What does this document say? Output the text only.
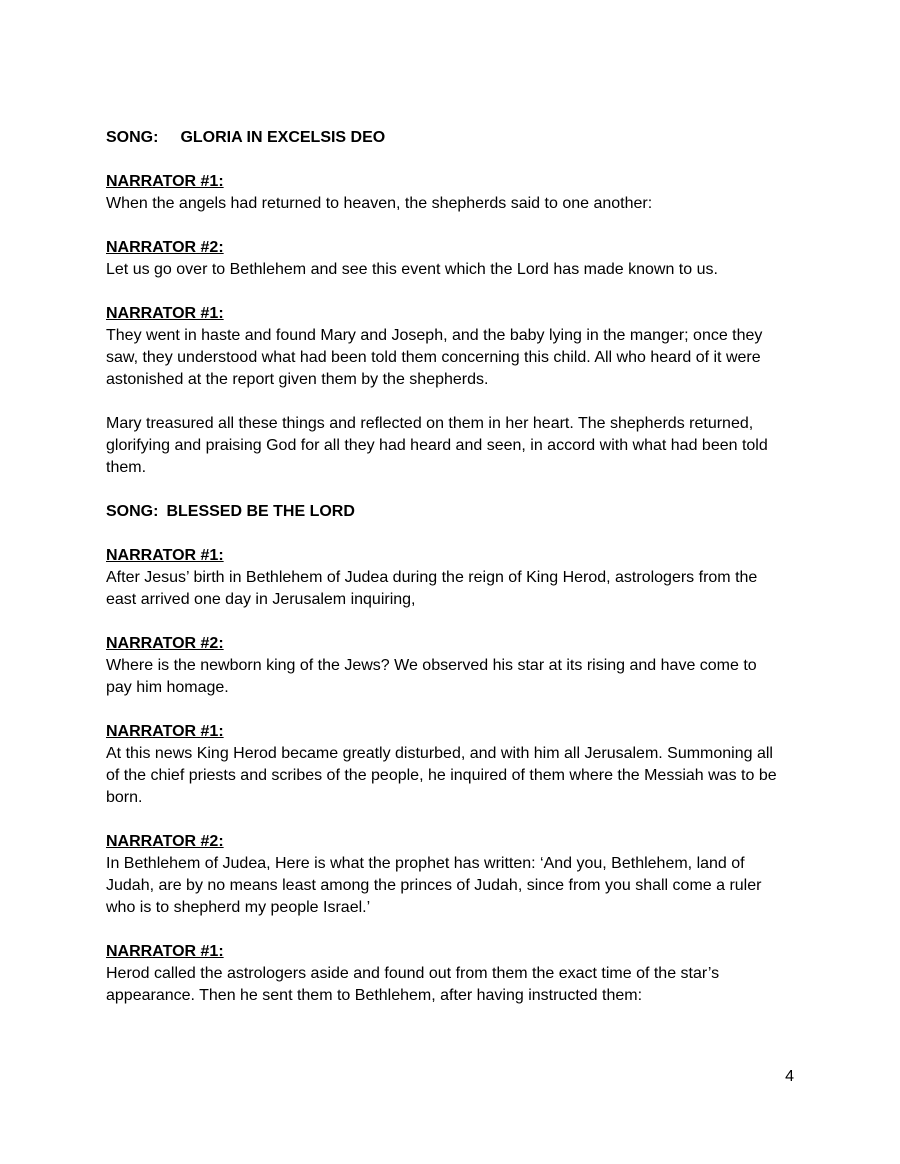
SONG: GLORIA IN EXCELSIS DEO
NARRATOR #1:
When the angels had returned to heaven, the shepherds said to one another:
NARRATOR #2:
Let us go over to Bethlehem and see this event which the Lord has made known to us.
NARRATOR #1:
They went in haste and found Mary and Joseph, and the baby lying in the manger; once they
saw, they understood what had been told them concerning this child. All who heard of it were
astonished at the report given them by the shepherds.
Mary treasured all these things and reflected on them in her heart. The shepherds returned,
glorifying and praising God for all they had heard and seen, in accord with what had been told
them.
SONG: BLESSED BE THE LORD
NARRATOR #1:
After Jesus’ birth in Bethlehem of Judea during the reign of King Herod, astrologers from the
east arrived one day in Jerusalem inquiring,
NARRATOR #2:
Where is the newborn king of the Jews? We observed his star at its rising and have come to
pay him homage.
NARRATOR #1:
At this news King Herod became greatly disturbed, and with him all Jerusalem. Summoning all
of the chief priests and scribes of the people, he inquired of them where the Messiah was to be
born.
NARRATOR #2:
In Bethlehem of Judea, Here is what the prophet has written: ‘And you, Bethlehem, land of
Judah, are by no means least among the princes of Judah, since from you shall come a ruler
who is to shepherd my people Israel.’
NARRATOR #1:
Herod called the astrologers aside and found out from them the exact time of the star’s
appearance. Then he sent them to Bethlehem, after having instructed them:
4
